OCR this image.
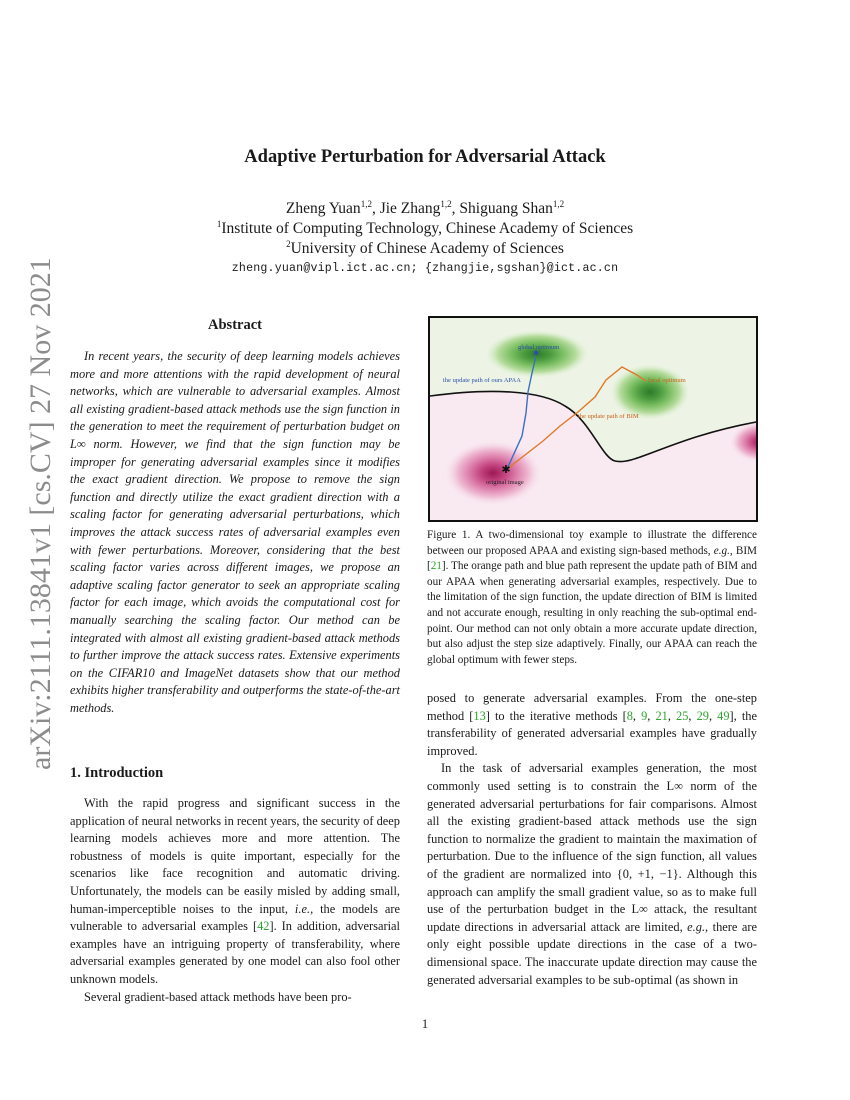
arXiv:2111.13841v1 [cs.CV] 27 Nov 2021
Adaptive Perturbation for Adversarial Attack
Zheng Yuan$^{1,2}$, Jie Zhang$^{1,2}$, Shiguang Shan$^{1,2}$
$^1$Institute of Computing Technology, Chinese Academy of Sciences
$^2$University of Chinese Academy of Sciences
zheng.yuan@vipl.ict.ac.cn; {zhangjie,sgshan}@ict.ac.cn
Abstract
In recent years, the security of deep learning models achieves more and more attentions with the rapid development of neural networks, which are vulnerable to adversarial examples. Almost all existing gradient-based attack methods use the sign function in the generation to meet the requirement of perturbation budget on L∞ norm. However, we find that the sign function may be improper for generating adversarial examples since it modifies the exact gradient direction. We propose to remove the sign function and directly utilize the exact gradient direction with a scaling factor for generating adversarial perturbations, which improves the attack success rates of adversarial examples even with fewer perturbations. Moreover, considering that the best scaling factor varies across different images, we propose an adaptive scaling factor generator to seek an appropriate scaling factor for each image, which avoids the computational cost for manually searching the scaling factor. Our method can be integrated with almost all existing gradient-based attack methods to further improve the attack success rates. Extensive experiments on the CIFAR10 and ImageNet datasets show that our method exhibits higher transferability and outperforms the state-of-the-art methods.
1. Introduction

With the rapid progress and significant success in the application of neural networks in recent years, the security of deep learning models achieves more and more attention. The robustness of models is quite important, especially for the scenarios like face recognition and automatic driving. Unfortunately, the models can be easily misled by adding small, human-imperceptible noises to the input, i.e., the models are vulnerable to adversarial examples [42]. In addition, adversarial examples have an intriguing property of transferability, where adversarial examples generated by one model can also fool other unknown models.

Several gradient-based attack methods have been pro-

✱
★
global optimum
local optimum
the update path of ours APAA
the update path of BIM
original image
Figure 1. A two-dimensional toy example to illustrate the difference between our proposed APAA and existing sign-based methods, e.g., BIM [21]. The orange path and blue path represent the update path of BIM and our APAA when generating adversarial examples, respectively. Due to the limitation of the sign function, the update direction of BIM is limited and not accurate enough, resulting in only reaching the sub-optimal end-point. Our method can not only obtain a more accurate update direction, but also adjust the step size adaptively. Finally, our APAA can reach the global optimum with fewer steps.

posed to generate adversarial examples. From the one-step method [13] to the iterative methods [8, 9, 21, 25, 29, 49], the transferability of generated adversarial examples have gradually improved.

In the task of adversarial examples generation, the most commonly used setting is to constrain the L∞ norm of the generated adversarial perturbations for fair comparisons. Almost all the existing gradient-based attack methods use the sign function to normalize the gradient to maintain the maximation of perturbation. Due to the influence of the sign function, all values of the gradient are normalized into {0, +1, −1}. Although this approach can amplify the small gradient value, so as to make full use of the perturbation budget in the L∞ attack, the resultant update directions in adversarial attack are limited, e.g., there are only eight possible update directions in the case of a two-dimensional space. The inaccurate update direction may cause the generated adversarial examples to be sub-optimal (as shown in

1
